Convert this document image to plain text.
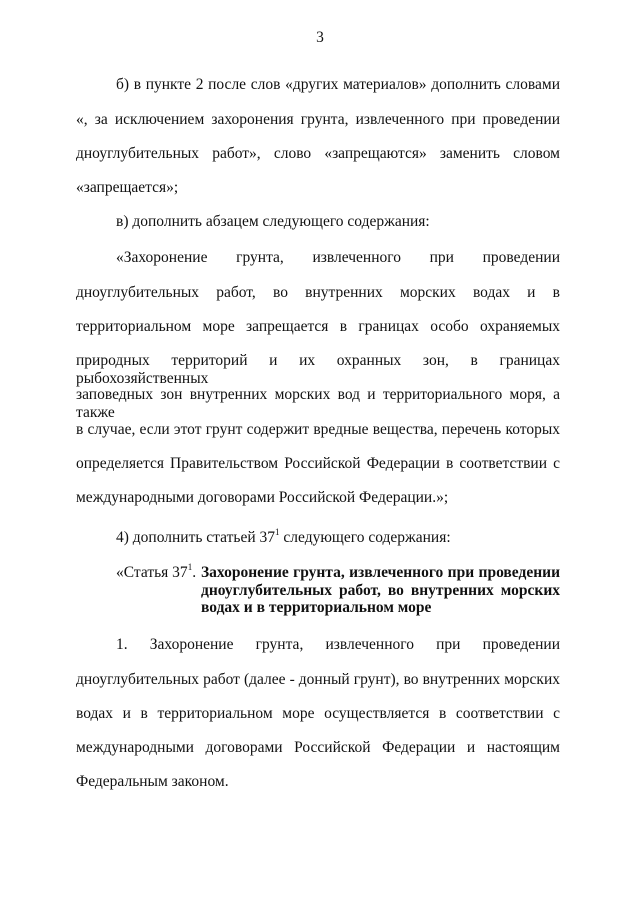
3
б) в пункте 2 после слов «других материалов» дополнить словами
«, за исключением захоронения грунта, извлеченного при проведении
дноуглубительных работ», слово «запрещаются» заменить словом
«запрещается»;
в) дополнить абзацем следующего содержания:
«Захоронение грунта, извлеченного при проведении
дноуглубительных работ, во внутренних морских водах и в
территориальном море запрещается в границах особо охраняемых
природных территорий и их охранных зон, в границах рыбохозяйственных
заповедных зон внутренних морских вод и территориального моря, а также
в случае, если этот грунт содержит вредные вещества, перечень которых
определяется Правительством Российской Федерации в соответствии с
международными договорами Российской Федерации.»;
4) дополнить статьей $37^1$ следующего содержания:
«Статья $37^1$. Захоронение грунта, извлеченного при проведении
дноуглубительных работ, во внутренних морских
водах и в территориальном море
1. Захоронение грунта, извлеченного при проведении
дноуглубительных работ (далее - донный грунт), во внутренних морских
водах и в территориальном море осуществляется в соответствии с
международными договорами Российской Федерации и настоящим
Федеральным законом.
